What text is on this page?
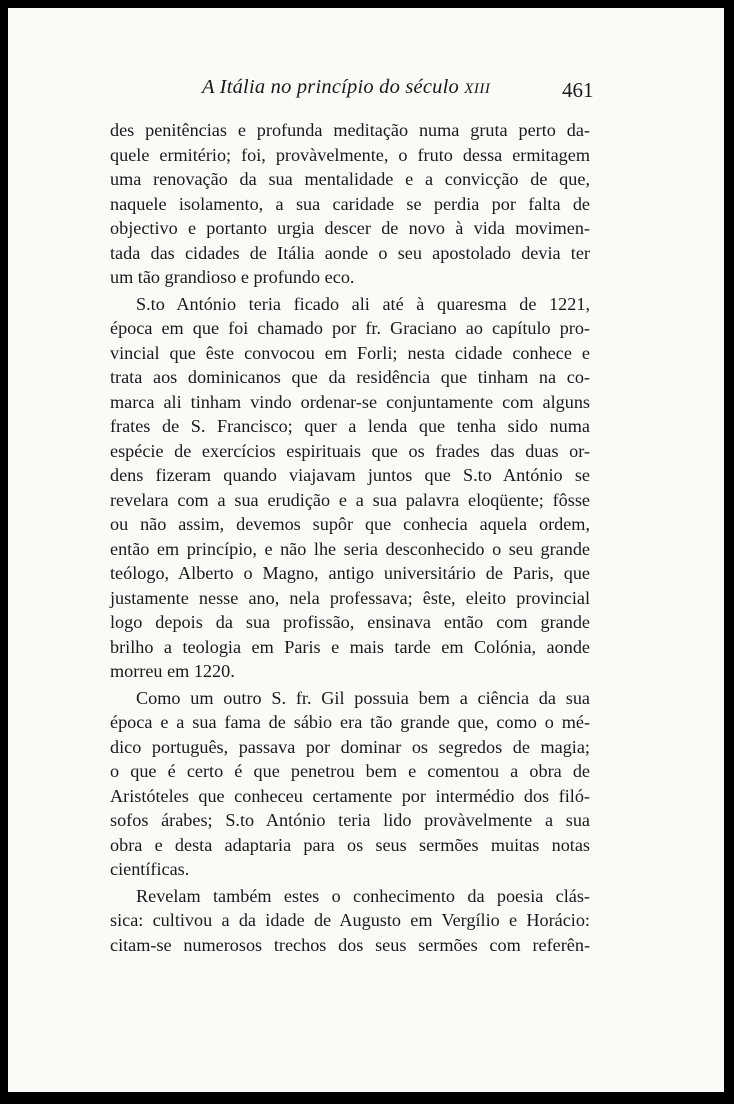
A Itália no princípio do século XIII	461
des penitências e profunda meditação numa gruta perto da-
quele ermitério; foi, provàvelmente, o fruto dessa ermitagem
uma renovação da sua mentalidade e a convicção de que,
naquele isolamento, a sua caridade se perdia por falta de
objectivo e portanto urgia descer de novo à vida movimen-
tada das cidades de Itália aonde o seu apostolado devia ter
um tão grandioso e profundo eco.
S.to António teria ficado ali até à quaresma de 1221,
época em que foi chamado por fr. Graciano ao capítulo pro-
vincial que êste convocou em Forli; nesta cidade conhece e
trata aos dominicanos que da residência que tinham na co-
marca ali tinham vindo ordenar-se conjuntamente com alguns
frates de S. Francisco; quer a lenda que tenha sido numa
espécie de exercícios espirituais que os frades das duas or-
dens fizeram quando viajavam juntos que S.to António se
revelara com a sua erudição e a sua palavra eloqüente; fôsse
ou não assim, devemos supôr que conhecia aquela ordem,
então em princípio, e não lhe seria desconhecido o seu grande
teólogo, Alberto o Magno, antigo universitário de Paris, que
justamente nesse ano, nela professava; êste, eleito provincial
logo depois da sua profissão, ensinava então com grande
brilho a teologia em Paris e mais tarde em Colónia, aonde
morreu em 1220.
Como um outro S. fr. Gil possuia bem a ciência da sua
época e a sua fama de sábio era tão grande que, como o mé-
dico português, passava por dominar os segredos de magia;
o que é certo é que penetrou bem e comentou a obra de
Aristóteles que conheceu certamente por intermédio dos filó-
sofos árabes; S.to António teria lido provàvelmente a sua
obra e desta adaptaria para os seus sermões muitas notas
científicas.
Revelam também estes o conhecimento da poesia clás-
sica: cultivou a da idade de Augusto em Vergílio e Horácio:
citam-se numerosos trechos dos seus sermões com referên-
